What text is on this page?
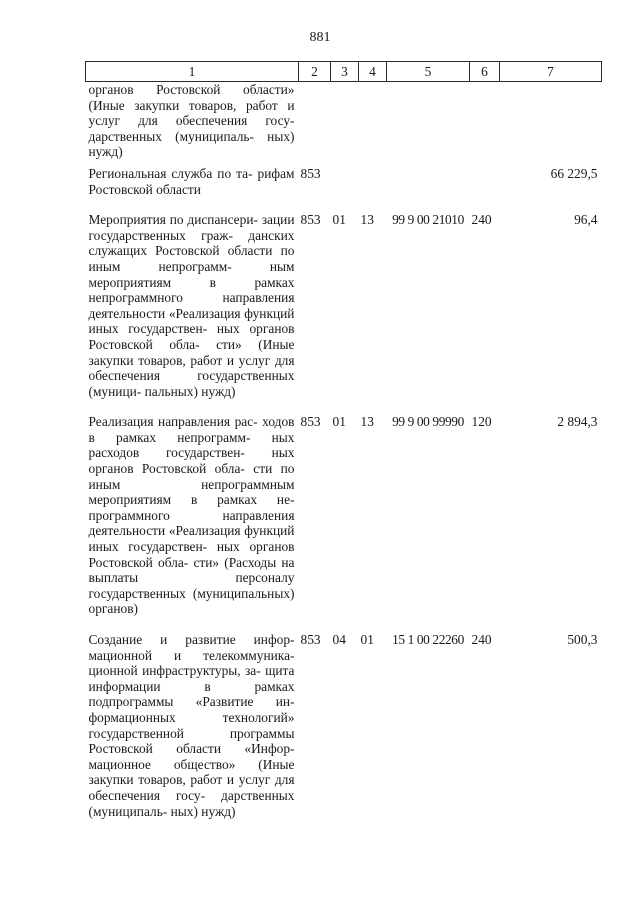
881
1	2	3	4	5	6	7
органов Ростовской области» (Иные закупки товаров, работ и услуг для обеспечения госу- дарственных (муниципаль- ных) нужд)						

Региональная служба по та- рифам Ростовской области	853					66 229,5

Мероприятия по диспансери- зации государственных граж- данских служащих Ростовской области по иным непрограмм- ным мероприятиям в рамках непрограммного направления деятельности «Реализация функций иных государствен- ных органов Ростовской обла- сти» (Иные закупки товаров, работ и услуг для обеспечения государственных (муници- пальных) нужд)	853	01	13	99 9 00 21010	240	96,4

Реализация направления рас- ходов в рамках непрограмм- ных расходов государствен- ных органов Ростовской обла- сти по иным непрограммным мероприятиям в рамках не- программного направления деятельности «Реализация функций иных государствен- ных органов Ростовской обла- сти» (Расходы на выплаты персоналу государственных (муниципальных) органов)	853	01	13	99 9 00 99990	120	2 894,3

Создание и развитие инфор- мационной и телекоммуника- ционной инфраструктуры, за- щита информации в рамках подпрограммы «Развитие ин- формационных технологий» государственной программы Ростовской области «Инфор- мационное общество» (Иные закупки товаров, работ и услуг для обеспечения госу- дарственных (муниципаль- ных) нужд)	853	04	01	15 1 00 22260	240	500,3
